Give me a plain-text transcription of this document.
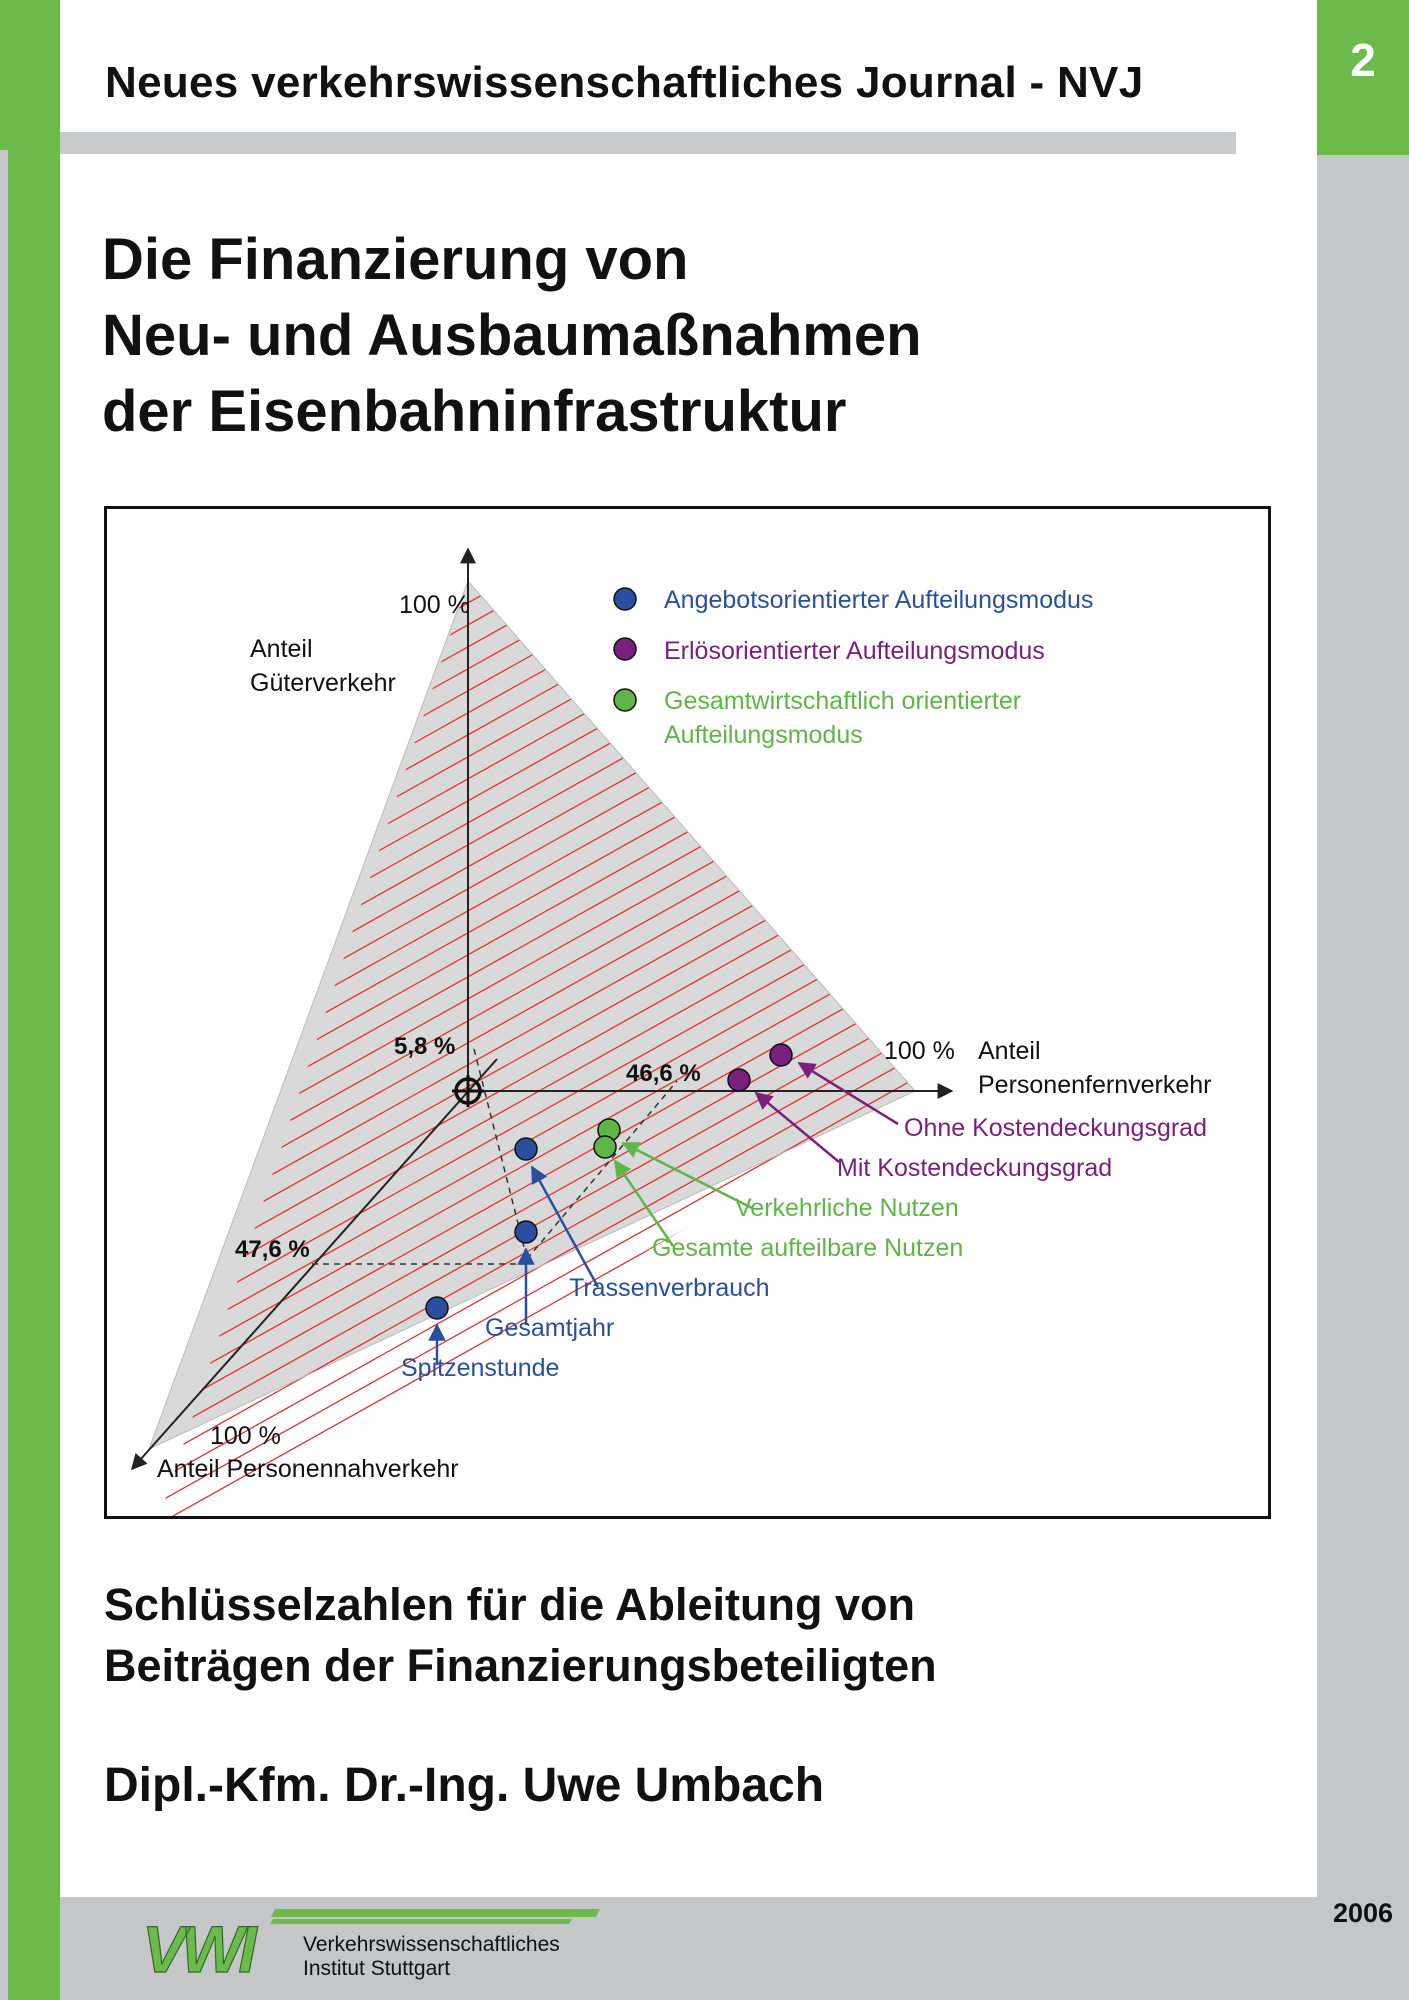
2
Neues verkehrswissenschaftliches Journal - NVJ
Die Finanzierung von
Neu- und Ausbaumaßnahmen
der Eisenbahninfrastruktur
100 %
Anteil
Güterverkehr
100 % Anteil
Personenfernverkehr
100 %
Anteil Personennahverkehr
5,8 %
46,6 %
47,6 %
Angebotsorientierter Aufteilungsmodus
Erlösorientierter Aufteilungsmodus
Gesamtwirtschaftlich orientierter
Aufteilungsmodus
Ohne Kostendeckungsgrad
Mit Kostendeckungsgrad
Verkehrliche Nutzen
Gesamte aufteilbare Nutzen
Trassenverbrauch
Gesamtjahr
Spitzenstunde
Schlüsselzahlen für die Ableitung von
Beiträgen der Finanzierungsbeteiligten
Dipl.-Kfm. Dr.-Ing. Uwe Umbach
2006
VWI	Verkehrswissenschaftliches
Institut Stuttgart
